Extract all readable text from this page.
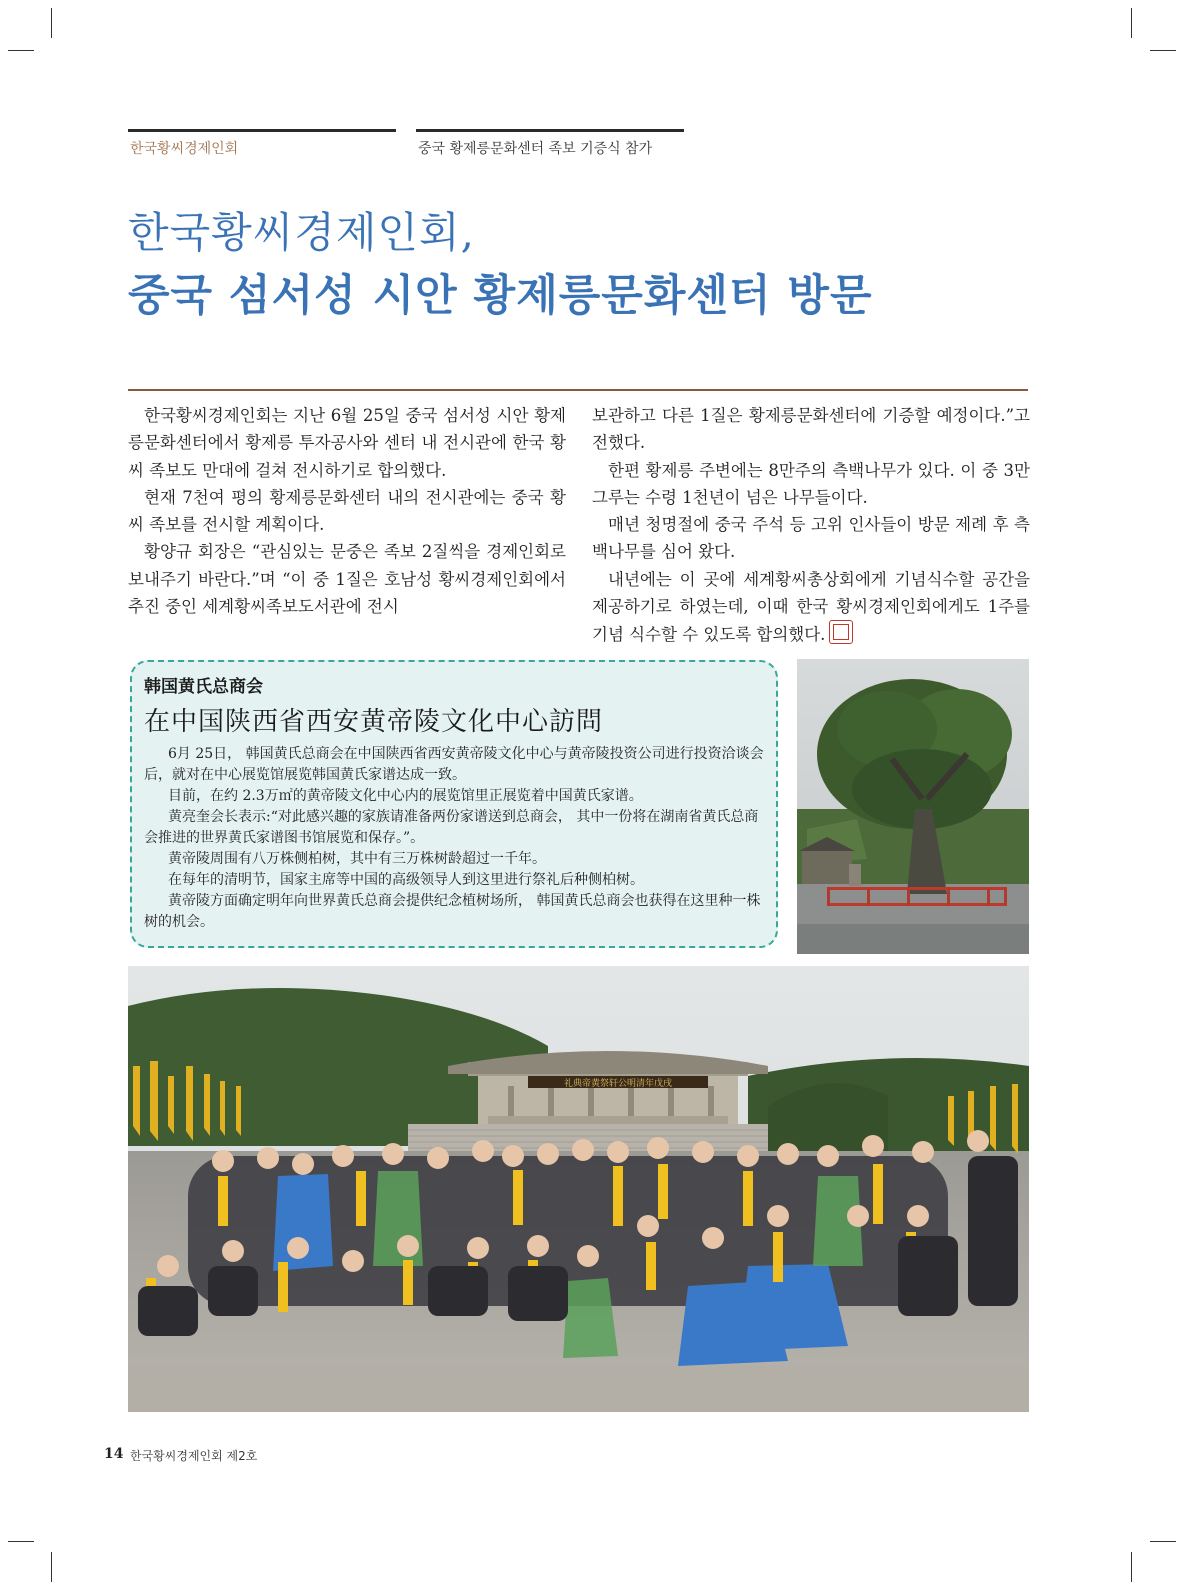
한국황씨경제인회	중국 황제릉문화센터 족보 기증식 참가
한국황씨경제인회,
중국 섬서성 시안 황제릉문화센터 방문

한국황씨경제인회는 지난 6월 25일 중국 섬서성 시안 황제릉문화센터에서 황제릉 투자공사와 센터 내 전시관에 한국 황씨 족보도 만대에 걸쳐 전시하기로 합의했다.

현재 7천여 평의 황제릉문화센터 내의 전시관에는 중국 황씨 족보를 전시할 계획이다.

황양규 회장은 “관심있는 문중은 족보 2질씩을 경제인회로 보내주기 바란다.”며 “이 중 1질은 호남성 황씨경제인회에서 추진 중인 세계황씨족보도서관에 전시

보관하고 다른 1질은 황제릉문화센터에 기증할 예정이다.”고 전했다.

한편 황제릉 주변에는 8만주의 측백나무가 있다. 이 중 3만 그루는 수령 1천년이 넘은 나무들이다.

매년 청명절에 중국 주석 등 고위 인사들이 방문 제례 후 측백나무를 심어 왔다.

내년에는 이 곳에 세계황씨총상회에게 기념식수할 공간을 제공하기로 하였는데, 이때 한국 황씨경제인회에게도 1주를 기념 식수할 수 있도록 합의했다.

韩国黄氏总商会
在中国陕西省西安黄帝陵文化中心訪問

6月 25日， 韩国黄氏总商会在中国陕西省西安黄帝陵文化中心与黄帝陵投资公司进行投资洽谈会后，就对在中心展览馆展览韩国黄氏家谱达成一致。

目前，在约 2.3万㎡的黄帝陵文化中心内的展览馆里正展览着中国黄氏家谱。

黄亮奎会长表示:“对此感兴趣的家族请准备两份家谱送到总商会， 其中一份将在湖南省黄氏总商会推进的世界黄氏家谱图书馆展览和保存。”。

黄帝陵周围有八万株侧柏树，其中有三万株树龄超过一千年。

在每年的清明节，国家主席等中国的高级领导人到这里进行祭礼后种侧柏树。

黄帝陵方面确定明年向世界黄氏总商会提供纪念植树场所， 韩国黄氏总商会也获得在这里种一株树的机会。

礼典帝黄祭轩公明清年戊戌
14 한국황씨경제인회 제2호
